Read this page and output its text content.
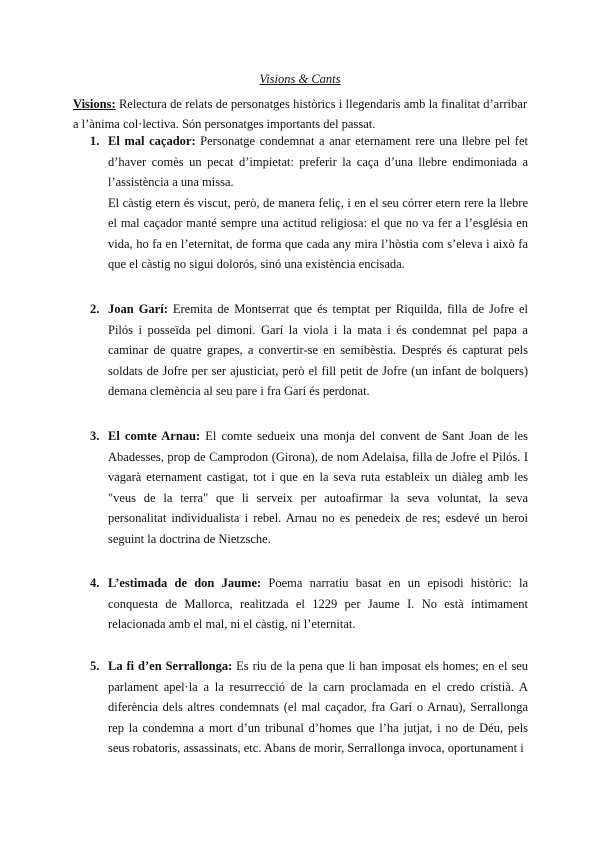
Visions & Cants
Visions: Relectura de relats de personatges històrics i llegendaris amb la finalitat d’arribar a l’ànima col·lectiva. Són personatges importants del passat.
1. El mal caçador: Personatge condemnat a anar eternament rere una llebre pel fet d’haver comès un pecat d’impietat: preferir la caça d’una llebre endimoniada a l’assistència a una missa.

El càstig etern és viscut, però, de manera feliç, i en el seu córrer etern rere la llebre el mal caçador manté sempre una actitud religiosa: el que no va fer a l’església en vida, ho fa en l’eternitat, de forma que cada any mira l’hòstia com s’eleva i això fa que el càstig no sigui dolorós, sinó una existència encisada.

2. Joan Garí: Eremita de Montserrat que és temptat per Riquilda, filla de Jofre el Pilós i posseïda pel dimoni. Garí la viola i la mata i és condemnat pel papa a caminar de quatre grapes, a convertir-se en semibèstia. Després és capturat pels soldats de Jofre per ser ajusticiat, però el fill petit de Jofre (un infant de bolquers) demana clemència al seu pare i fra Garí és perdonat.

3. El comte Arnau: El comte sedueix una monja del convent de Sant Joan de les Abadesses, prop de Camprodon (Girona), de nom Adelaisa, filla de Jofre el Pilós. I vagarà eternament castigat, tot i que en la seva ruta estableix un diàleg amb les "veus de la terra" que li serveix per autoafirmar la seva voluntat, la seva personalitat individualista i rebel. Arnau no es penedeix de res; esdevé un heroi seguint la doctrina de Nietzsche.

4. L’estimada de don Jaume: Poema narratiu basat en un episodi històric: la conquesta de Mallorca, realitzada el 1229 per Jaume I. No està íntimament relacionada amb el mal, ni el càstig, ni l’eternitat.

5. La fi d’en Serrallonga: Es riu de la pena que li han imposat els homes; en el seu parlament apel·la a la resurrecció de la carn proclamada en el credo cristià. A diferència dels altres condemnats (el mal caçador, fra Garí o Arnau), Serrallonga rep la condemna a mort d’un tribunal d’homes que l’ha jutjat, i no de Déu, pels seus robatoris, assassinats, etc. Abans de morir, Serrallonga invoca, oportunament i
